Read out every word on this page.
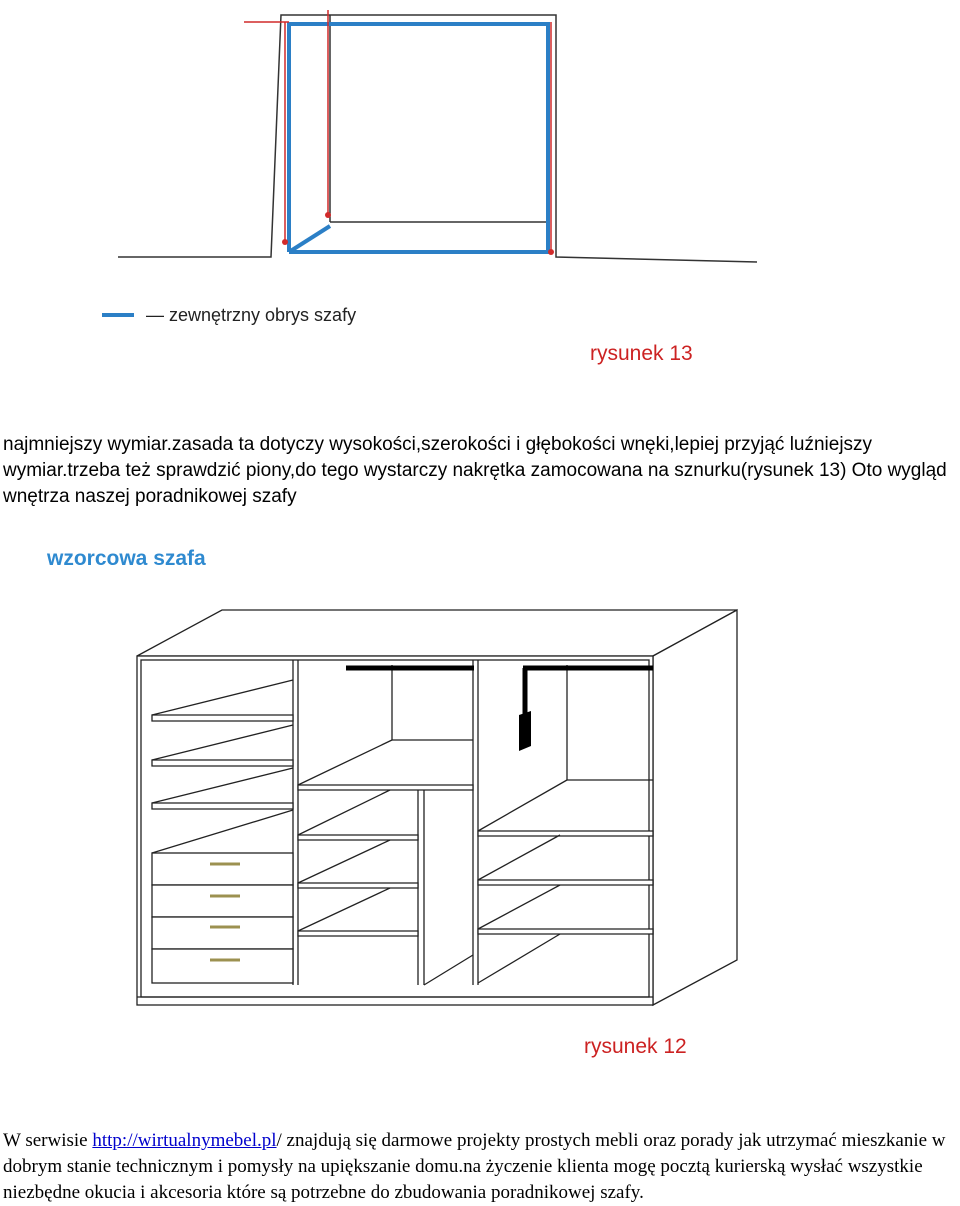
— zewnętrzny obrys szafy
rysunek 13
najmniejszy wymiar.zasada ta dotyczy wysokości,szerokości i głębokości wnęki,lepiej przyjąć luźniejszy wymiar.trzeba też sprawdzić piony,do tego wystarczy nakrętka zamocowana na sznurku(rysunek 13) Oto wygląd wnętrza naszej poradnikowej szafy
wzorcowa szafa
rysunek 12
W serwisie http://wirtualnymebel.pl/ znajdują się darmowe projekty prostych mebli oraz porady jak utrzymać mieszkanie w dobrym stanie technicznym i pomysły na upiększanie domu.na życzenie klienta mogę pocztą kurierską wysłać wszystkie niezbędne okucia i akcesoria które są potrzebne do zbudowania poradnikowej szafy.
